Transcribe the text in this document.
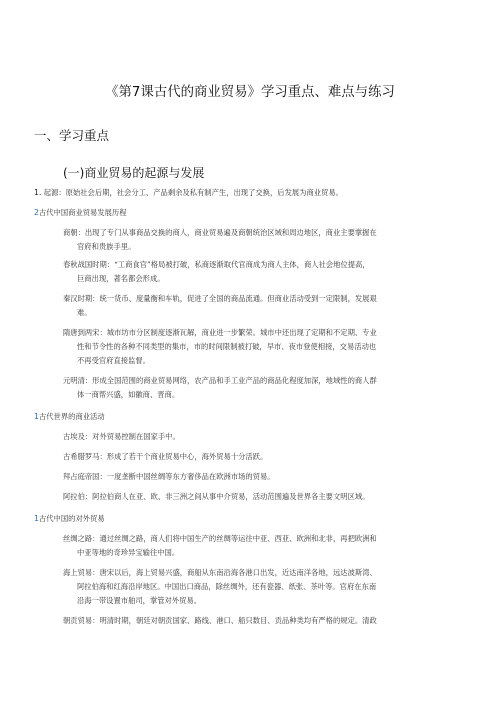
《第7课古代的商业贸易》学习重点、难点与练习
一、学习重点
(一)商业贸易的起源与发展
1. 起源：原始社会后期，社会分工、产品剩余及私有制产生，出现了交换，后发展为商业贸易。
2古代中国商业贸易发展历程
商朝：出现了专门从事商品交换的商人，商业贸易遍及商朝统治区域和周边地区，商业主要掌握在
官府和贵族手里。
春秋战国时期：“工商食官”格局被打破，私商逐渐取代官商成为商人主体，商人社会地位提高，
巨商出现，著名都会形成。
秦汉时期：统一货币、度量衡和车轨，促进了全国的商品流通。但商业活动受到一定限制，发展艰
难。
隋唐到两宋：城市坊市分区制度逐渐瓦解，商业进一步繁荣。城市中还出现了定期和不定期、专业
性和节令性的各种不同类型的集市，市的时间限制被打破，早市、夜市登使相接，交易活动也
不再受官府直接监督。
元明清：形成全国范围的商业贸易网络，农产品和手工业产品的商品化程度加深，地域性的商人群
体一商帮兴盛，如徽商、晋商。
1古代世界的商业活动
古埃及：对外贸易控制在国家手中。
古希腊罗马：形成了若干个商业贸易中心，海外贸易十分活跃。
拜占庭帝国：一度垄断中国丝绸等东方奢侈品在欧洲市场的贸易。
阿拉伯：阿拉伯商人在亚、欧、非三洲之间从事中介贸易，活动范围遍及世界各主要文明区域。
1古代中国的对外贸易
丝绸之路：通过丝绸之路，商人们将中国生产的丝绸等运往中亚、西亚、欧洲和北非，再把欧洲和
中亚等地的奇珍异宝输往中国。
海上贸易：唐宋以后，海上贸易兴盛，商船从东南沿海各港口出发，近达南洋各地，远达波斯湾、
阿拉伯海和红海沿岸地区。中国出口商品，除丝绸外，还有瓷器、纸张、茶叶等。官府在东南
沿海一带设置市舶司，掌管对外贸易。
朝贡贸易：明清时期，朝廷对朝贡国家、路线、港口、船只数目、贡品种类均有严格的规定。清政
